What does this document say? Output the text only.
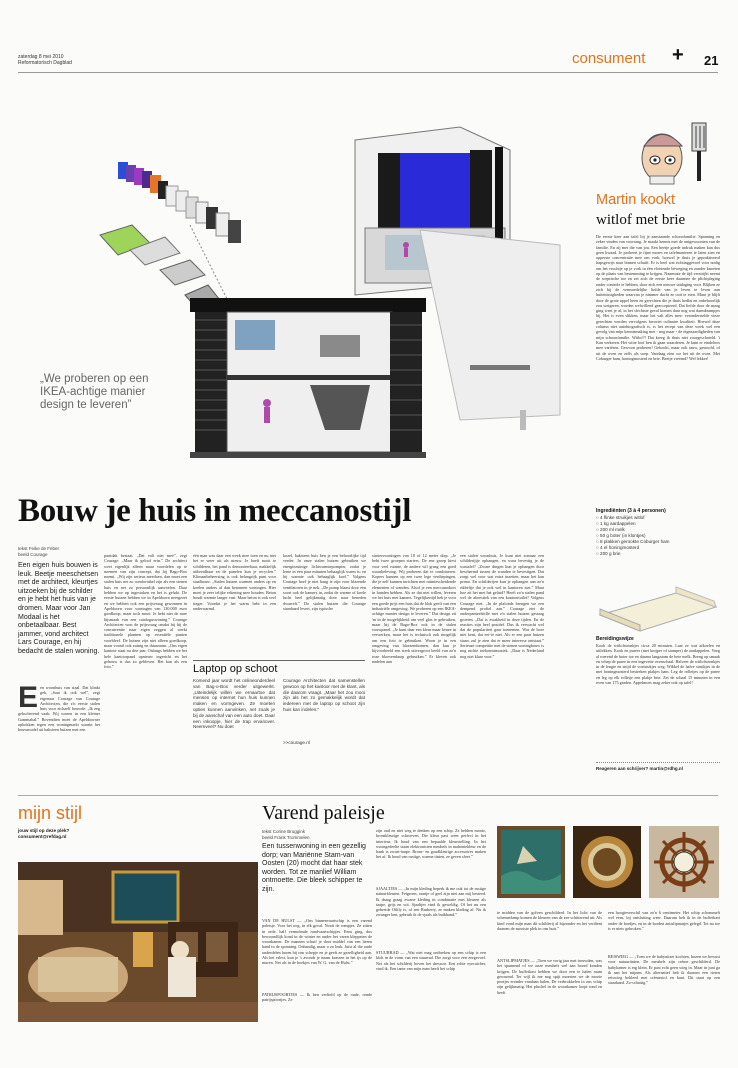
zaterdag 8 mei 2010
Reformatorisch Dagblad	consument + 21
„We proberen op een IKEA-achtige manier design te leveren”
Bouw je huis in meccanostijl
tekst Feike de Feber
beeld Courage
Een eigen huis bouwen is leuk. Beetje meeschetsen met de architect, kleurtjes uitzoeken bij de schilder en je hebt het huis van je dromen. Maar voor Jan Modaal is het onbetaalbaar. Best jammer, vond architect Lars Courage, en hij bedacht de stalen woning.
E en woonhuis van staal. Dat klinkt gek. „Saai ik ook wel”, zegt eigenaar Courage van Courage Architecten, die z'n eerste stalen huis voor zichzelf bouwde. „Ik zeg gekscherend vaak: Wij wonen in een kleiner Gammahal.” Bovendien moet de Apeldoorner ophokken tegen een woningmarkt waarin het bouwmodel uit baksteen buizen met een
puntdak bestaat. „Dat valt niet mee”, zegt Courage. „Maar ik geloof erin.” De architect weet eigenlijk alleen maar voordelen op te noemen van zijn concept, dat hij Bago-Box noemt. „Wij zijn serieus meedoen, dan moet een stalen huis net zo comfortabel zijn als een stenen huis en net zo persoonlijk aanvoelen. Daar hebben we op ingestoken en het is gelukt. De eerste huizen hebben we in Apeldoorn neergezet en we hebben ook een prijsvraag gewonnen in Apeldoorn voor woningen van 130.000 euro goedkoop, maar toch mooi. Je hebt niet de nare bijsmaak van een cataloguswoning.” Courage Architecten won de prijsvraag omdat hij bij de concurrentie naar eigen zeggen al werkt traditionele plannen op essentiële punten voorbleef. De huizen zijn niet alleen goedkoop, maar vooral ook zuinig en duurzaam. „Ons eigen kantoor staat nu drie jaar. Onlangs hebben we het hele kantoorpand opnieuw ingericht en het gebouw is dus zo gebleven. Het kan als een foto.”
één man was daar een week mee toen en nu niet het er weer uit als nieuw. Je hoeft nooit te schilderen, het pand is demonteerbaar, makkelijk uitbreidbaar en de panelen kun je recyclen.” Klimaatbeheersing is ook belangrijk punt voor staalbouw. „Stalen huizen warmen anders op en koelen anders af dan betonnen woningen. Hier moet je zeer telijke rekening mee houden. Beton houdt warmte langer vast. Maar beton is ook veel trager. Voordat je het warm hebt in een onderwarmd.
kozel, baksteen huis ben je een behoorlijke tijd verder. In onze stalen huizen gebruiken we energiezuinige lichtwarmtepompen, zodat je lente in een paar minuten behaaglijk warm is; en bij warmte ook behaaglijk koel.” Volgens Courage hoef je niet bang te zijn voor blazende ventilatoren in je nek. „De pomp blaast door een soort ook de kamers in, zodat de warme of koele lucht heel gelijkmatig door naar beneden dwarrelt.” De stalen huizen die Courage standaard levert, zijn typische
starterswoningen van 10 of 12 meter diep. „Je hebt twee groepen starters. De ene groep kiest voor veel ruimte, de andere wil graag een goed woonbeleving. Wij proberen dat te combineren. Kopers kunnen op een twee lege verdiepingen, die je zelf kunnen inrichten met ruimtescheidende elementen of wanden. Alsof je een meccanodoos in handen hebben. Als ze dat niet willen, leveren we het huis met kamers. Tegelijkertijd heb je voor een goede prijs een huis dat de klok geeft van een industriële omgeving. We proberen op een IKEA-achtige manier design te leveren.” Dat design zit 'm in de mogelijkheid om veel glas te gebruiken, maar bij de Bago-Box ook in de stalen vouwpanel. „Je kunt daar een kleur maar keuze in verwerken, maar het is technisch ook mogelijk om een foto te gebruiken. Woon je in een omgeving van bloesembomen, dan kun je bijvoorbeeld een sterk uitvergroot beeld van zo'n roze bloesemknop gebruiken.” Er kleven ook nadelen aan
een stalen woonhuis. Je kunt niet zomaar een schilderijtje ophangen, en waar bevestig je de wastafel? „Zware dingen kun je ophangen door beschermd tussen de wanden te bevestigen. Dat zorgt wel voor wat extra inzetten, maar het kan prima. En schilderijen kun je ophangen aan zo'n rikbeltje dat je ook wel in kantoren ziet.” Maar hoe zit het met het geluid? Heeft zo'n stalen pand wel de akoestiek van een kantoortoilet? Volgens Courage niet. „In de plafonds brengen we een dempend profiel aan.” Courage ziet de onderpanteelstille met z'n stalen huizen gestaag groeien. „Dat is zwakheid in deze tijden. En de reacties zijn heel positief. Dus ik verwacht wel dat de populariteit gaar toenemen. Wat de boer niet kent, dat eet-ie niet. Als er een paar huizen staan, zul je zien dat er meer interesse ontstaat.” Serieuze competitie met de stenen woningbouw is nog nichte toekomstmuziek. „Daar is Nederland nog niet klaar voor.”
Laptop op schoot
Komend jaar wordt het onlineonderdeel van Bag-o-Box verder uitgewerkt. „Uiteindelijk willen we ernaartoe dat mensen op internet hun huis kunnen maken en vormgeven. Ze moeten opties kunnen aanvinken, net zoals je bij de aanschaf van een auto doet. Daar een inkoopje, hier de trap ervanover. Neemveel? Nu doet
Courage Architecten dat samenstellen gewoon op het kantoor met de klant, als die daarom vraagt. „Maar het zou mooi zijn als het zo gemakkelijk wordt dat iedereen met de laptop op schoot zijn huis kan indelen.”
>>courage.nl
Martin kookt
witlof met brie
De eerste keer aan tafel bij je aanstaande schoonfamilie. Spanning en zeker vinden van voorrang. Je maakt kennis met de ontgewoonten van de familie. En zij met die van jou. Een beetje goede indruk maken kan dus geen kwaad. Je probeert je fijne mores en tafelmanieren te laten zien en opperste concentratie mee om vork, hoewel je thuis je gepraktiseerd hapsgewijs naar binnen schuift. Er is heel wat richtinggevoel voor nodig om het vruchtje op je vork in één vloeiende beweging en zonder knoeien op de plaats van bestemming te krijgen. Naarmate de tijd verstrijkt neemt de sceptische toe en zet zich de eerste keer daarmee de plichtpleging onder controle te hebben, door zich een nieuwe uitdaging voor. Blijken ze zich bij de vermoedelijke liefde van je leven te leven aan buitenissigheden waarvan je nimmer dacht ze ooit te eten. Maar je blijft door de grote appel heen en gerechten die je thuis bedlat en onbehoorlijk zou weigeren, worden welwillend geaccepteerd. Dat liefde door de maag ging weet je al, in het slechtste geval komen daar nog wat darmkrampjes bij. Het is even slikken, maar het valt alles mee: veronderstelde vieze gerechten worden vervolgens favoriet culinaire kwaliteit. Hoewel deze column niet autobiografisch is, is het recept van deze week wel een gevolg van mijn kennismaking met - nog maar - de eigenaardigheden van mijn schoonfamilie. Witlof?! Dat kreeg ik thuis niet voorgeschoteld. 't Kan verkeren. Het witte loof ben ik gaan waarderen. Je kunt er eindeloos mee variëren. Gewoon proberen! Gekookt, maar ook rauw, gestoofd, of uit de oven en zelfs als soep. Vandaag eten we het uit de oven. Met Coburger ham, honingmosterd en brie. Beetje vreemd? Wel lekker!
Ingrediënten (3 à 4 personen)
○ 4 flinke struikjes witlof
○ 1 kg aardappelen
○ 200 ml melk
○ 50 g boter (in klontjes)
○ 8 plakken gerookte Coburger ham
○ 4 el honingmosterd
○ 200 g brie
Bereidingswijze
Kook de witlofstronkjes circa 20 minuten. Laat ze wat afkoelen en uitlekken. Kook en pureer (met knijper of stamper) de aardappelen. Voeg al roerend de boter toe en daarna langzaam de hete melk. Breng op smaak en schep de puree in een ingevette ovenschaal. Halveer de witlofstronkjes in de lengte en snijd de voetstukjes weg. Wikkel de halve struikjes in de met honingmosterd bestreken plakjes ham. Leg de rolletjes op de puree en leg op elk rolletje een plakje brie. Zet de schaal 15 minuten in een oven van 175 graden. Appelmoes mag zeker ook op tafel!
Reageren aan schrijver? martin@rdhg.nl
mijn stijl
jouw stijl op deze plek?
consument@refdag.nl
Varend paleisje
tekst Corine Bruggink
beeld Frank Trommelen
Een tussenwoning in een gezellig dorp; van Mariënne Stam-van Oosten (20) mocht dat haar stek worden. Tot ze manlief William ontmoette. Die bleek schipper te zijn.
VAN DE HULST — „Ons binnenvaartschip is een varend paleisje. Voor het oog, in elk geval. Nooit de rompjes. Ze zitten in orde, half vermolmde rondvaartschipjes. Eens ging, dus bewoondlijk kond in de winter en onder het varen kleppeten de woonkamer. De mannen schuif je door middel van een lieren hand in de sponning. Onhandig, maar o zo leuk. Juist al die oude onderdelen horen bij ons schepje en je geeft ze gezelligheid aan. Als het erlest, kun je 's avonds je naam krassen in het ijs op de muren. Net als in de boekjes van W. G. van de Hulst.”
PATRIJSPOORTJES — Ik ben verliefd op de oude, ronde patrijspoortjes. Ze
zijn oud en niet weg te denken op een schip. Ze hebben mooie, bronskleurige schroeven. Die kleur past weer perfect in het interieur. Ik houd van een bepaalde kleurstelling. In het woongedeelte staan elektronicten meubels in mahoniekleur en de bank is zwart-taupe. Brons- en goudkleurige accessoires maken het af. Ik houd van rustige, warme tinten, ze geven sfeer.”
SJAALTJES — „In mijn kleding beperk ik me ook tot de rustige natuurkleuren. Felgroen, oranje of geel zijn niet aan mij besteed. Ik draag graag zwarte kleding in combinatie met kleuren als taupe, grijs en wit. Sjaaltjes vind ik geweldig. Of het nu een gebreide Oilily is, of een Burberry, ze maken kleding af. Nu ik zwanger ben, gebruik ik de sjaals als buikband.”
STUURRAD — „Wat niet mag ontbreken op een schip is een klok in de vorm van een stuurrad. Die zorgt voor een zeegevoel. Net als het schilderij boven het dressoir. Een echte eyecatcher, vind ik. Een tante van mijn man heeft het schip
te midden van de golven geschilderd. In het licht van de schemerlamp komen de kleuren van de zee schitterend uit. Als kind vond mijn man dit schilderij al bijzonder en het verdient daarom de mooiste plek in ons huis.”
ANTSLIPMATJES — „Toen we vorig jaar met trouwden, was het spannend of we onze meubels wel aan boord konden krijgen. De buffetkast hebben we door een te halen raam gewurmd. Ter wijl ik me nog spijt moesten we de mooie pootjes eronder vandaan halen. De verbrokkelen in ons schip zijn gelijkmatig. Het pluchel in de woonkamer loopt rond en heeft
een hoogteverschil van zo'n 6 centimeter. Het schip schommelt wel eens, bij ontsluiting weer. Daarom heb ik in de buffetkast onder de bordjes, en in de borden antislipmatjes gelegd. Tot nu toe is er niets gebroken.”
REISWIEG — „Toen we de babyuitzet kochten, kozen we bewust voor natuurtinten. De meubels zijn crème geschilderd. De babykamer is erg klein. Er past echt geen wieg in. Maar in juni ga ik aan het mijnen. Als alternatief heb ik daarom een rieten reiswieg bekleed met crèmestof en kant. Dit staat op een standaard. Zo-schattig.”
